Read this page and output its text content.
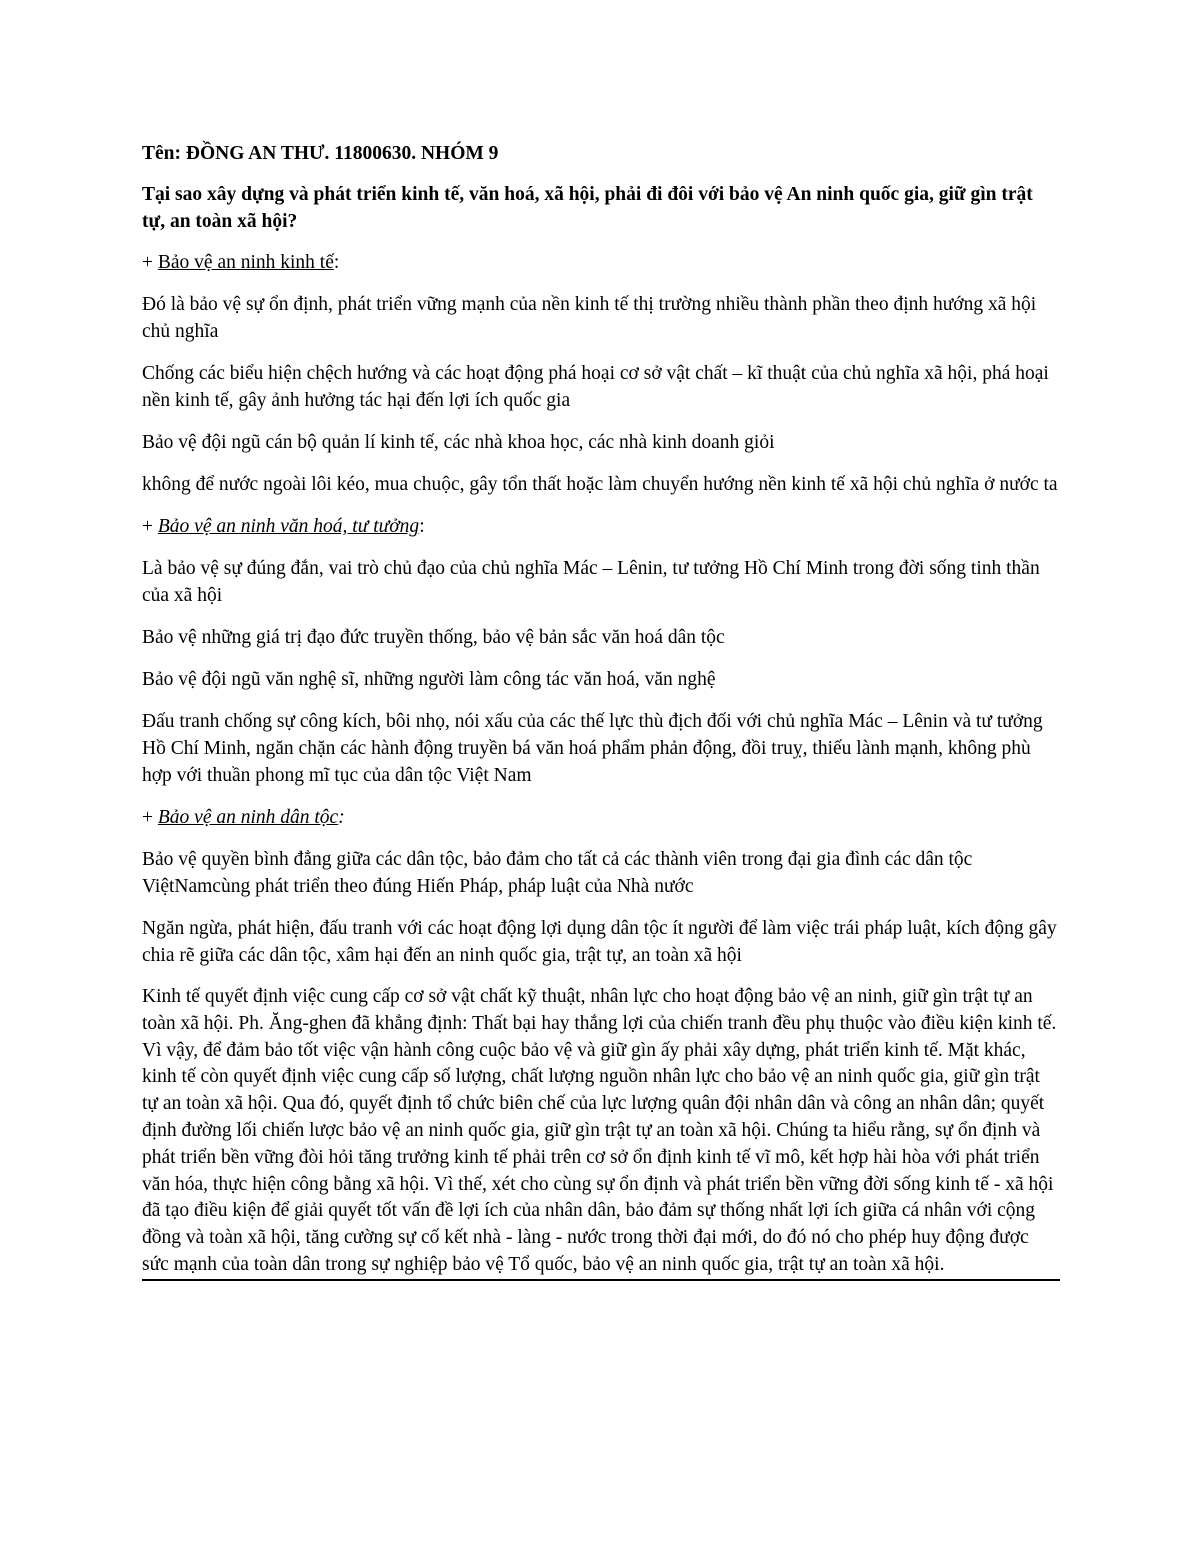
Tên: ĐỒNG AN THƯ. 11800630. NHÓM 9
Tại sao xây dựng và phát triển kinh tế, văn hoá, xã hội, phải đi đôi với bảo vệ An ninh quốc gia, giữ gìn trật tự, an toàn xã hội?
+ Bảo vệ an ninh kinh tế:

Đó là bảo vệ sự ổn định, phát triển vững mạnh của nền kinh tế thị trường nhiều thành phần theo định hướng xã hội chủ nghĩa

Chống các biểu hiện chệch hướng và các hoạt động phá hoại cơ sở vật chất – kĩ thuật của chủ nghĩa xã hội, phá hoại nền kinh tế, gây ảnh hưởng tác hại đến lợi ích quốc gia

Bảo vệ đội ngũ cán bộ quản lí kinh tế, các nhà khoa học, các nhà kinh doanh giỏi

không để nước ngoài lôi kéo, mua chuộc, gây tổn thất hoặc làm chuyển hướng nền kinh tế xã hội chủ nghĩa ở nước ta

+ Bảo vệ an ninh văn hoá, tư tưởng:

Là bảo vệ sự đúng đắn, vai trò chủ đạo của chủ nghĩa Mác – Lênin, tư tưởng Hồ Chí Minh trong đời sống tinh thần của xã hội

Bảo vệ những giá trị đạo đức truyền thống, bảo vệ bản sắc văn hoá dân tộc

Bảo vệ đội ngũ văn nghệ sĩ, những người làm công tác văn hoá, văn nghệ

Đấu tranh chống sự công kích, bôi nhọ, nói xấu của các thế lực thù địch đối với chủ nghĩa Mác – Lênin và tư tưởng Hồ Chí Minh, ngăn chặn các hành động truyền bá văn hoá phẩm phản động, đồi truỵ, thiếu lành mạnh, không phù hợp với thuần phong mĩ tục của dân tộc Việt Nam

+ Bảo vệ an ninh dân tộc:

Bảo vệ quyền bình đẳng giữa các dân tộc, bảo đảm cho tất cả các thành viên trong đại gia đình các dân tộc ViệtNamcùng phát triển theo đúng Hiến Pháp, pháp luật của Nhà nước

Ngăn ngừa, phát hiện, đấu tranh với các hoạt động lợi dụng dân tộc ít người để làm việc trái pháp luật, kích động gây chia rẽ giữa các dân tộc, xâm hại đến an ninh quốc gia, trật tự, an toàn xã hội

Kinh tế quyết định việc cung cấp cơ sở vật chất kỹ thuật, nhân lực cho hoạt động bảo vệ an ninh, giữ gìn trật tự an toàn xã hội. Ph. Ăng-ghen đã khẳng định: Thất bại hay thắng lợi của chiến tranh đều phụ thuộc vào điều kiện kinh tế. Vì vậy, để đảm bảo tốt việc vận hành công cuộc bảo vệ và giữ gìn ấy phải xây dựng, phát triển kinh tế. Mặt khác, kinh tế còn quyết định việc cung cấp số lượng, chất lượng nguồn nhân lực cho bảo vệ an ninh quốc gia, giữ gìn trật tự an toàn xã hội. Qua đó, quyết định tổ chức biên chế của lực lượng quân đội nhân dân và công an nhân dân; quyết định đường lối chiến lược bảo vệ an ninh quốc gia, giữ gìn trật tự an toàn xã hội. Chúng ta hiểu rằng, sự ổn định và phát triển bền vững đòi hỏi tăng trưởng kinh tế phải trên cơ sở ổn định kinh tế vĩ mô, kết hợp hài hòa với phát triển văn hóa, thực hiện công bằng xã hội. Vì thế, xét cho cùng sự ổn định và phát triển bền vững đời sống kinh tế - xã hội đã tạo điều kiện để giải quyết tốt vấn đề lợi ích của nhân dân, bảo đảm sự thống nhất lợi ích giữa cá nhân với cộng đồng và toàn xã hội, tăng cường sự cố kết nhà - làng - nước trong thời đại mới, do đó nó cho phép huy động được sức mạnh của toàn dân trong sự nghiệp bảo vệ Tổ quốc, bảo vệ an ninh quốc gia, trật tự an toàn xã hội.
